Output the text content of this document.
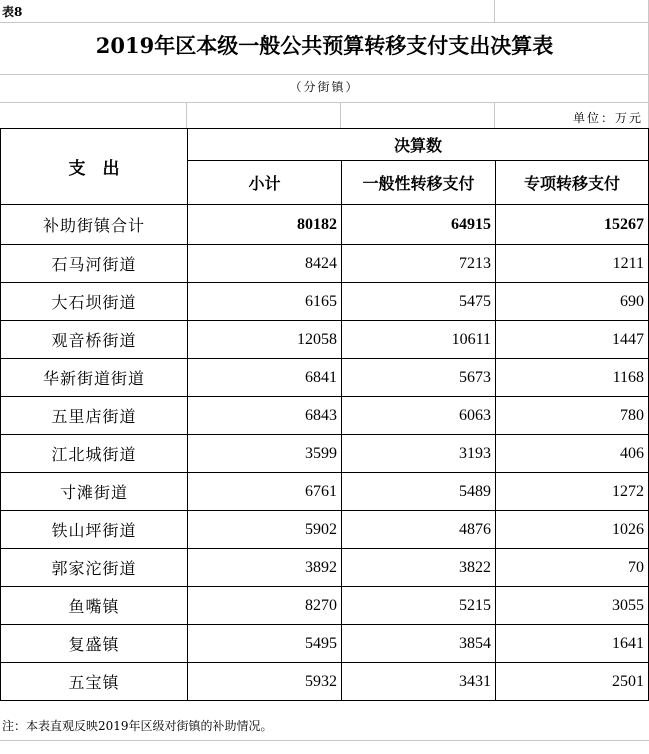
表8
2019年区本级一般公共预算转移支付支出决算表
（分街镇）
单位：万元
支　出	决算数		
	小计	一般性转移支付	专项转移支付
补助街镇合计	80182	64915	15267
石马河街道	8424	7213	1211
大石坝街道	6165	5475	690
观音桥街道	12058	10611	1447
华新街道街道	6841	5673	1168
五里店街道	6843	6063	780
江北城街道	3599	3193	406
寸滩街道	6761	5489	1272
铁山坪街道	5902	4876	1026
郭家沱街道	3892	3822	70
鱼嘴镇	8270	5215	3055
复盛镇	5495	3854	1641
五宝镇	5932	3431	2501
注：本表直观反映2019年区级对街镇的补助情况。
